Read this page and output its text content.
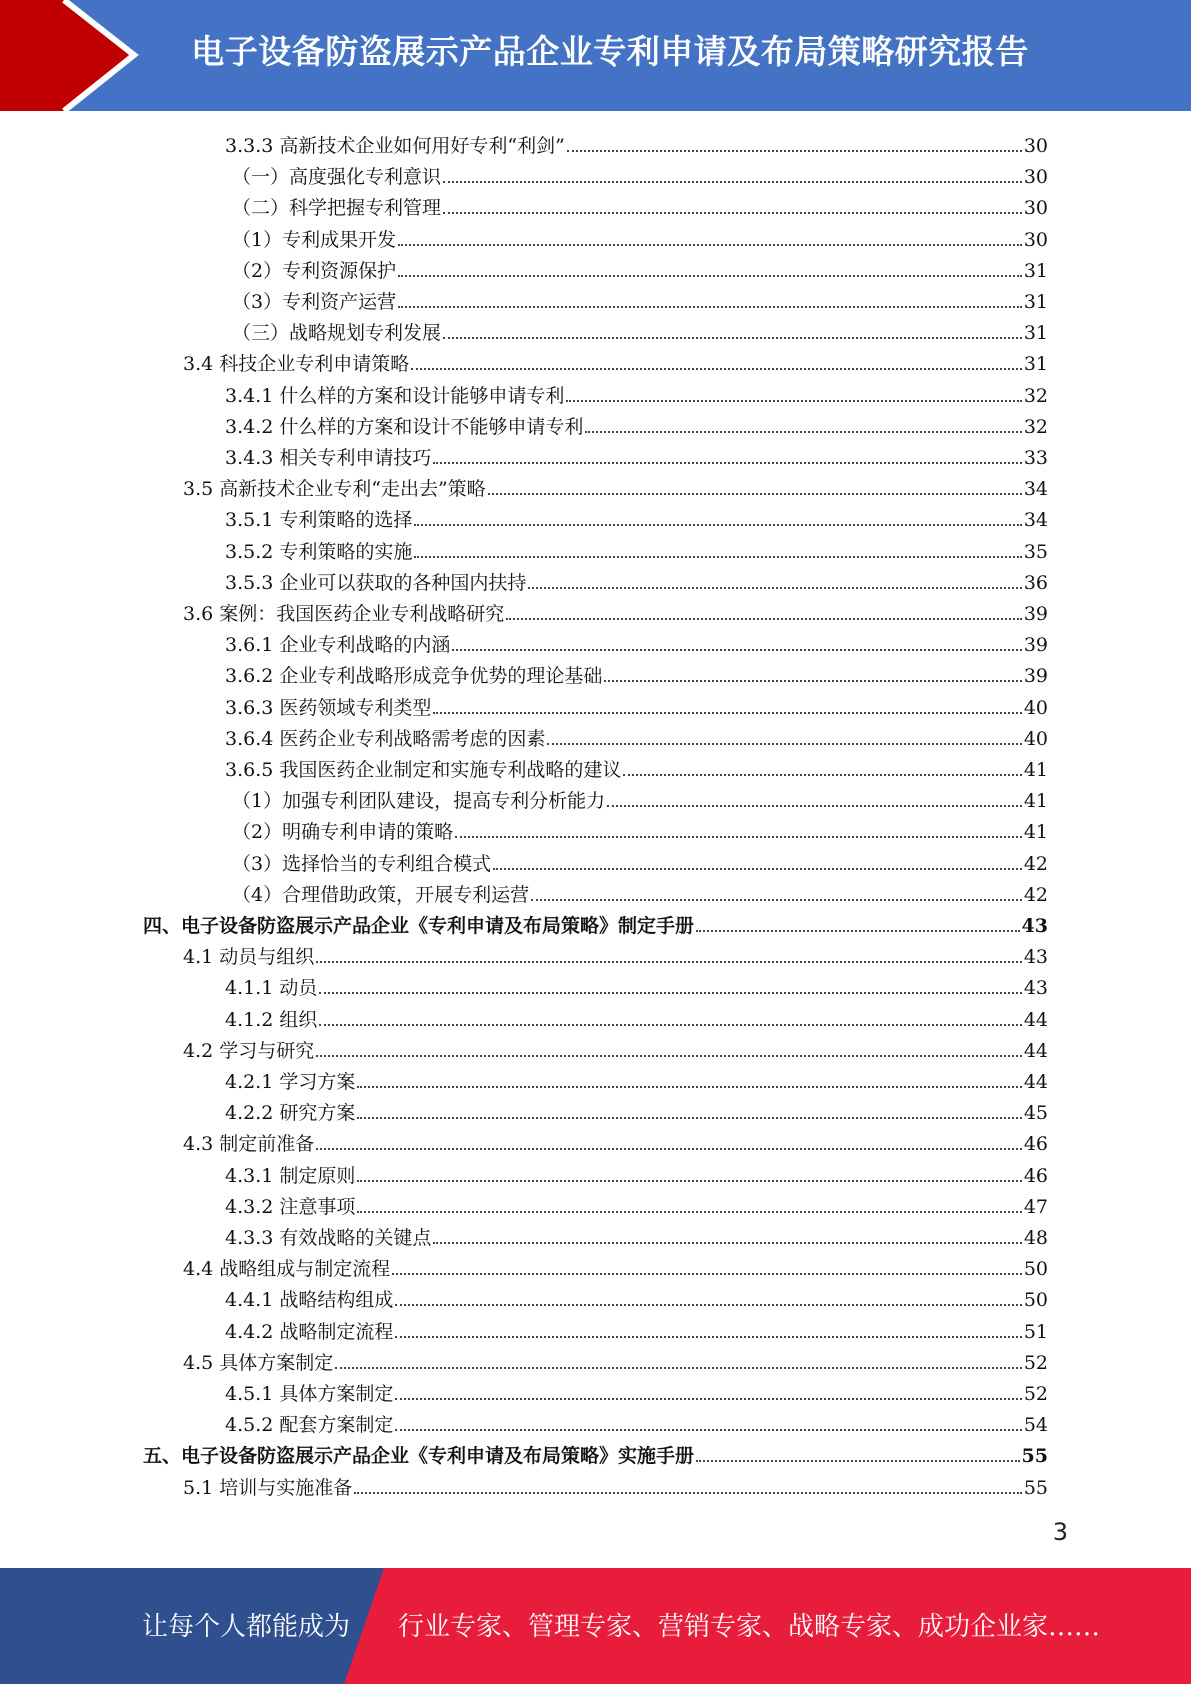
电子设备防盗展示产品企业专利申请及布局策略研究报告
3.3.3 高新技术企业如何用好专利“利剑”	30
（一）高度强化专利意识	30
（二）科学把握专利管理	30
（1）专利成果开发	30
（2）专利资源保护	31
（3）专利资产运营	31
（三）战略规划专利发展	31
3.4 科技企业专利申请策略	31
3.4.1 什么样的方案和设计能够申请专利	32
3.4.2 什么样的方案和设计不能够申请专利	32
3.4.3 相关专利申请技巧	33
3.5 高新技术企业专利“走出去”策略	34
3.5.1 专利策略的选择	34
3.5.2 专利策略的实施	35
3.5.3 企业可以获取的各种国内扶持	36
3.6 案例：我国医药企业专利战略研究	39
3.6.1 企业专利战略的内涵	39
3.6.2 企业专利战略形成竞争优势的理论基础	39
3.6.3 医药领域专利类型	40
3.6.4 医药企业专利战略需考虑的因素	40
3.6.5 我国医药企业制定和实施专利战略的建议	41
（1）加强专利团队建设，提高专利分析能力	41
（2）明确专利申请的策略	41
（3）选择恰当的专利组合模式	42
（4）合理借助政策，开展专利运营	42
四、电子设备防盗展示产品企业《专利申请及布局策略》制定手册	43
4.1 动员与组织	43
4.1.1 动员	43
4.1.2 组织	44
4.2 学习与研究	44
4.2.1 学习方案	44
4.2.2 研究方案	45
4.3 制定前准备	46
4.3.1 制定原则	46
4.3.2 注意事项	47
4.3.3 有效战略的关键点	48
4.4 战略组成与制定流程	50
4.4.1 战略结构组成	50
4.4.2 战略制定流程	51
4.5 具体方案制定	52
4.5.1 具体方案制定	52
4.5.2 配套方案制定	54
五、电子设备防盗展示产品企业《专利申请及布局策略》实施手册	55
5.1 培训与实施准备	55
3
让每个人都能成为 行业专家、管理专家、营销专家、战略专家、成功企业家……
